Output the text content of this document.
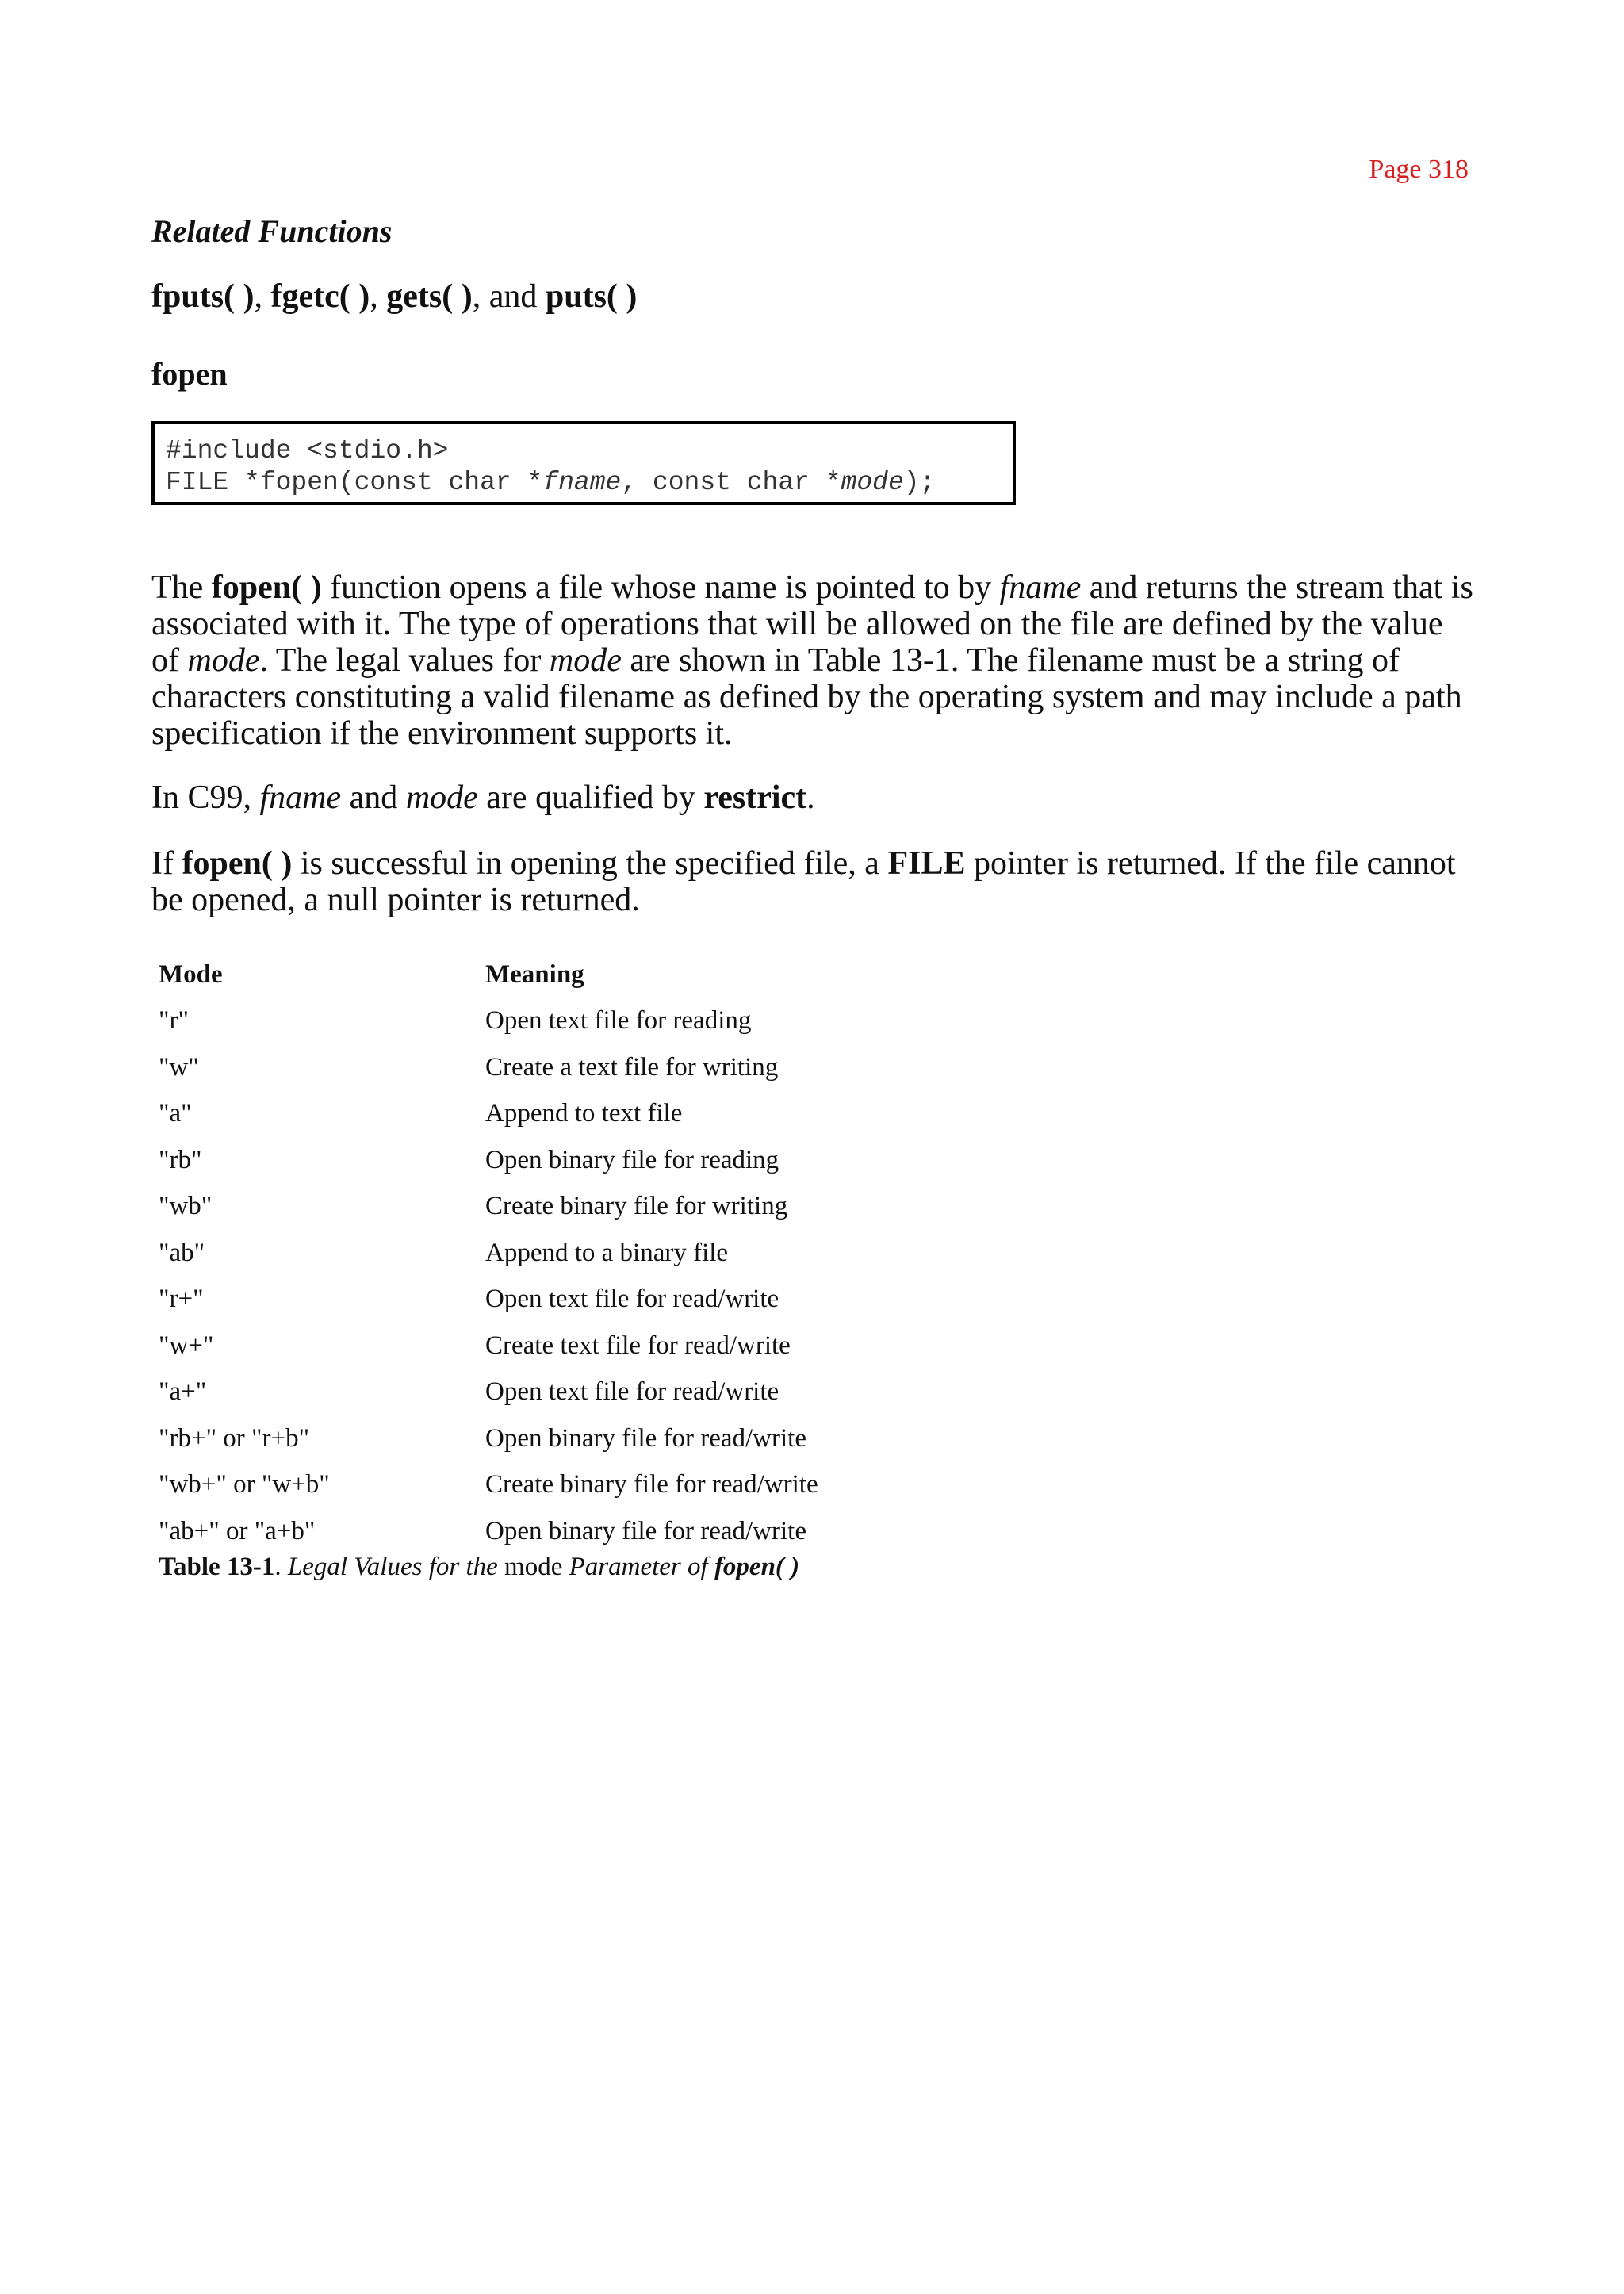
Page 318
Related Functions
fputs( ), fgetc( ), gets( ), and puts( )
fopen
#include <stdio.h>
FILE *fopen(const char *fname, const char *mode);
The fopen( ) function opens a file whose name is pointed to by fname and returns the stream that is associated with it. The type of operations that will be allowed on the file are defined by the value of mode. The legal values for mode are shown in Table 13-1. The filename must be a string of characters constituting a valid filename as defined by the operating system and may include a path specification if the environment supports it.
In C99, fname and mode are qualified by restrict.
If fopen( ) is successful in opening the specified file, a FILE pointer is returned. If the file cannot be opened, a null pointer is returned.
Mode	Meaning
"r"	Open text file for reading
"w"	Create a text file for writing
"a"	Append to text file
"rb"	Open binary file for reading
"wb"	Create binary file for writing
"ab"	Append to a binary file
"r+"	Open text file for read/write
"w+"	Create text file for read/write
"a+"	Open text file for read/write
"rb+" or "r+b"	Open binary file for read/write
"wb+" or "w+b"	Create binary file for read/write
"ab+" or "a+b"	Open binary file for read/write
Table 13-1. Legal Values for the mode Parameter of fopen( )
